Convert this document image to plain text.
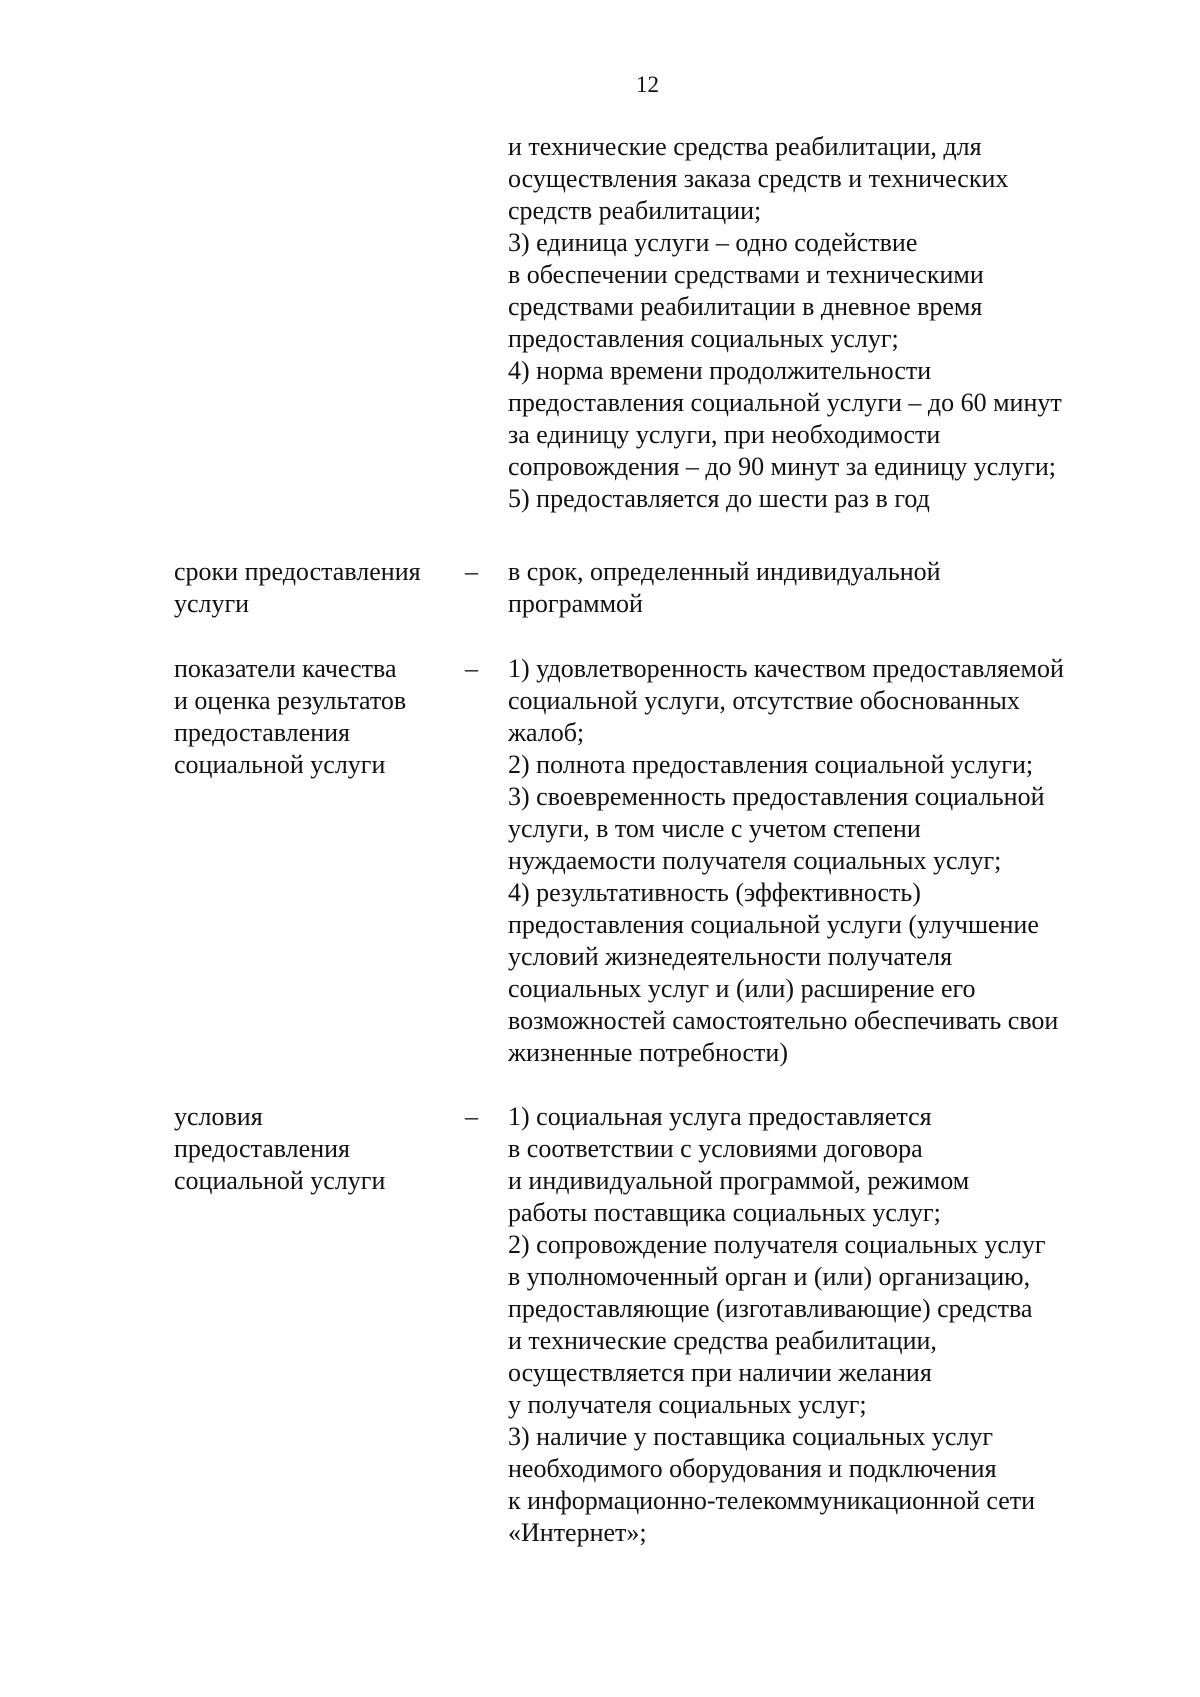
12
и технические средства реабилитации, для
осуществления заказа средств и технических
средств реабилитации;
3) единица услуги – одно содействие
в обеспечении средствами и техническими
средствами реабилитации в дневное время
предоставления социальных услуг;
4) норма времени продолжительности
предоставления социальной услуги – до 60 минут
за единицу услуги, при необходимости
сопровождения – до 90 минут за единицу услуги;
5) предоставляется до шести раз в год
сроки предоставления
услуги
– в срок, определенный индивидуальной
программой
показатели качества
и оценка результатов
предоставления
социальной услуги
– 1) удовлетворенность качеством предоставляемой
социальной услуги, отсутствие обоснованных
жалоб;
2) полнота предоставления социальной услуги;
3) своевременность предоставления социальной
услуги, в том числе с учетом степени
нуждаемости получателя социальных услуг;
4) результативность (эффективность)
предоставления социальной услуги (улучшение
условий жизнедеятельности получателя
социальных услуг и (или) расширение его
возможностей самостоятельно обеспечивать свои
жизненные потребности)
условия
предоставления
социальной услуги
– 1) социальная услуга предоставляется
в соответствии с условиями договора
и индивидуальной программой, режимом
работы поставщика социальных услуг;
2) сопровождение получателя социальных услуг
в уполномоченный орган и (или) организацию,
предоставляющие (изготавливающие) средства
и технические средства реабилитации,
осуществляется при наличии желания
у получателя социальных услуг;
3) наличие у поставщика социальных услуг
необходимого оборудования и подключения
к информационно-телекоммуникационной сети
«Интернет»;
